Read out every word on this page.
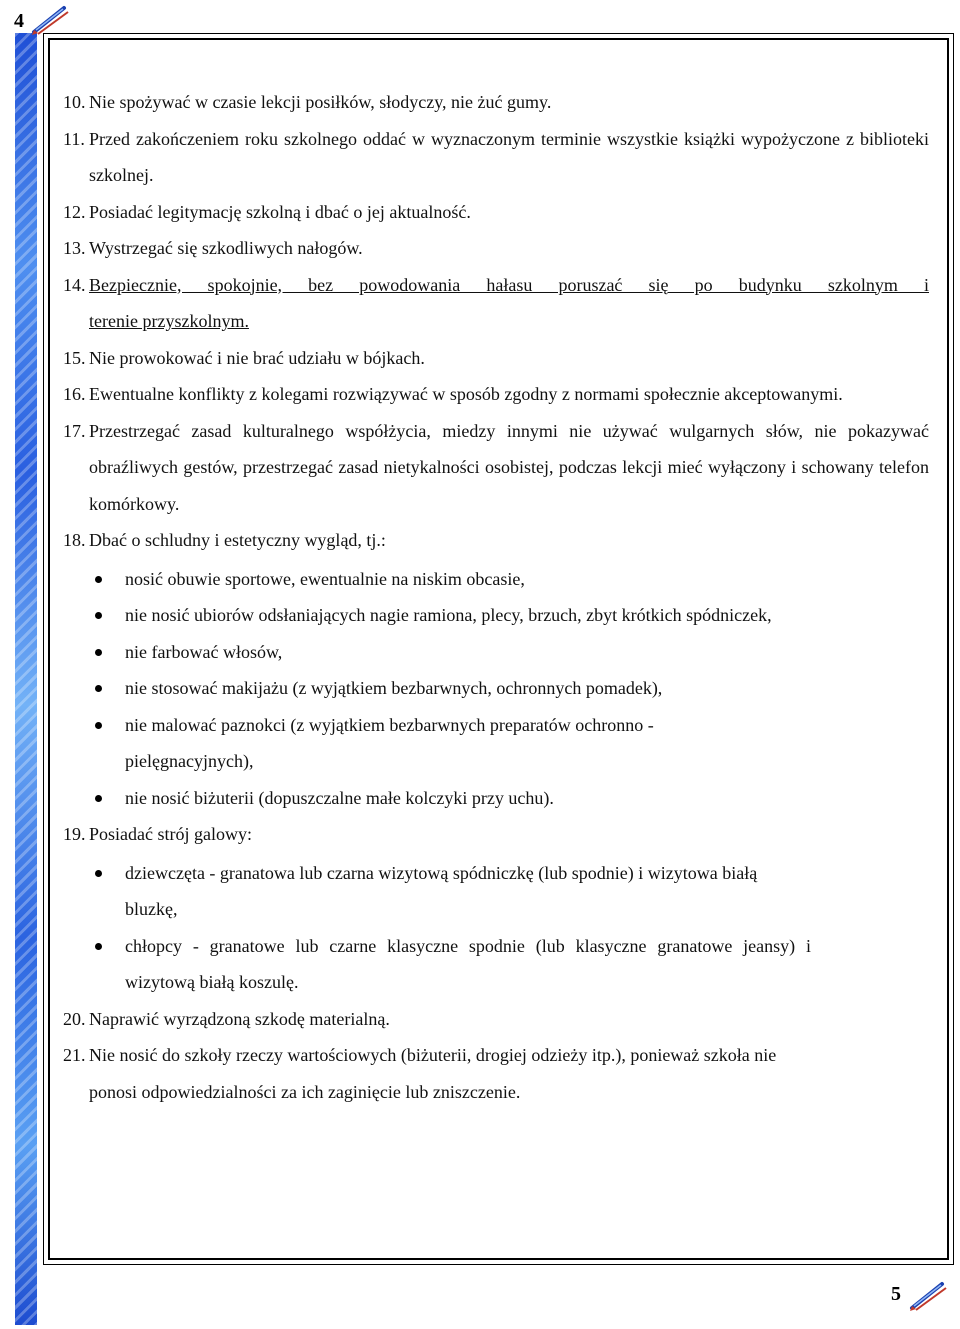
4
10. Nie spożywać w czasie lekcji posiłków, słodyczy, nie żuć gumy.
11. Przed zakończeniem roku szkolnego oddać w wyznaczonym terminie wszystkie książki wypożyczone z biblioteki szkolnej.
12. Posiadać legitymację szkolną i dbać o jej aktualność.
13. Wystrzegać się szkodliwych nałogów.
14. Bezpiecznie, spokojnie, bez powodowania hałasu poruszać się po budynku szkolnym i
terenie przyszkolnym.
15. Nie prowokować i nie brać udziału w bójkach.
16. Ewentualne konflikty z kolegami rozwiązywać w sposób zgodny z normami społecznie akceptowanymi.
17. Przestrzegać zasad kulturalnego współżycia, miedzy innymi nie używać wulgarnych słów, nie pokazywać obraźliwych gestów, przestrzegać zasad nietykalności osobistej, podczas lekcji mieć wyłączony i schowany telefon komórkowy.
18. Dbać o schludny i estetyczny wygląd, tj.:
nosić obuwie sportowe, ewentualnie na niskim obcasie,
nie nosić ubiorów odsłaniających nagie ramiona, plecy, brzuch, zbyt krótkich spódniczek,
nie farbować włosów,
nie stosować makijażu (z wyjątkiem bezbarwnych, ochronnych pomadek),
nie malować paznokci (z wyjątkiem bezbarwnych preparatów ochronno - pielęgnacyjnych),
nie nosić biżuterii (dopuszczalne małe kolczyki przy uchu).
19. Posiadać strój galowy:
dziewczęta - granatowa lub czarna wizytową spódniczkę (lub spodnie) i wizytowa białą bluzkę,
chłopcy - granatowe lub czarne klasyczne spodnie (lub klasyczne granatowe jeansy) i wizytową białą koszulę.
20. Naprawić wyrządzoną szkodę materialną.
21. Nie nosić do szkoły rzeczy wartościowych (biżuterii, drogiej odzieży itp.), ponieważ szkoła nie ponosi odpowiedzialności za ich zaginięcie lub zniszczenie.
5
